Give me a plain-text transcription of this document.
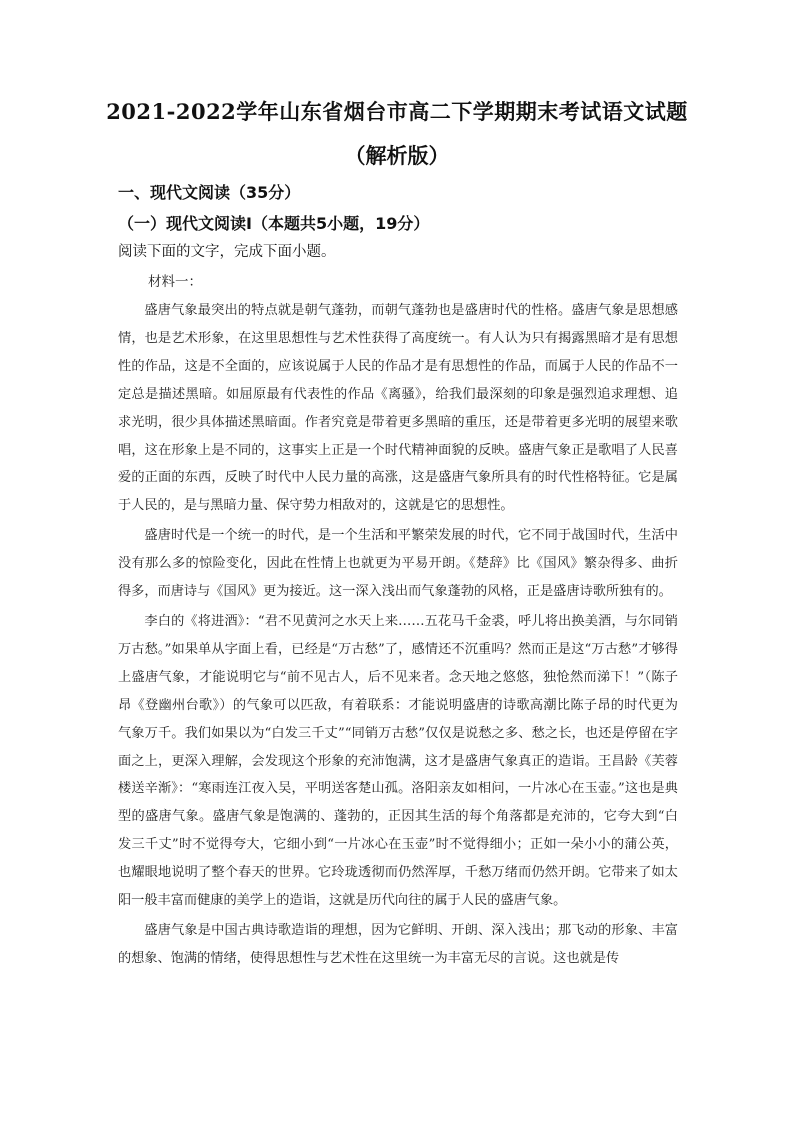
2021-2022学年山东省烟台市高二下学期期末考试语文试题
（解析版）
一、现代文阅读（35分）
（一）现代文阅读Ⅰ（本题共5小题，19分）
阅读下面的文字，完成下面小题。
材料一：

盛唐气象最突出的特点就是朝气蓬勃，而朝气蓬勃也是盛唐时代的性格。盛唐气象是思想感情，也是艺术形象，在这里思想性与艺术性获得了高度统一。有人认为只有揭露黑暗才是有思想性的作品，这是不全面的，应该说属于人民的作品才是有思想性的作品，而属于人民的作品不一定总是描述黑暗。如屈原最有代表性的作品《离骚》，给我们最深刻的印象是强烈追求理想、追求光明，很少具体描述黑暗面。作者究竟是带着更多黑暗的重压，还是带着更多光明的展望来歌唱，这在形象上是不同的，这事实上正是一个时代精神面貌的反映。盛唐气象正是歌唱了人民喜爱的正面的东西，反映了时代中人民力量的高涨，这是盛唐气象所具有的时代性格特征。它是属于人民的，是与黑暗力量、保守势力相敌对的，这就是它的思想性。

盛唐时代是一个统一的时代，是一个生活和平繁荣发展的时代，它不同于战国时代，生活中没有那么多的惊险变化，因此在性情上也就更为平易开朗。《楚辞》比《国风》繁杂得多、曲折得多，而唐诗与《国风》更为接近。这一深入浅出而气象蓬勃的风格，正是盛唐诗歌所独有的。

李白的《将进酒》：“君不见黄河之水天上来……五花马千金裘，呼儿将出换美酒，与尔同销万古愁。”如果单从字面上看，已经是“万古愁”了，感情还不沉重吗？然而正是这“万古愁”才够得上盛唐气象，才能说明它与“前不见古人，后不见来者。念天地之悠悠，独怆然而涕下！”（陈子昂《登幽州台歌》）的气象可以匹敌，有着联系：才能说明盛唐的诗歌高潮比陈子昂的时代更为气象万千。我们如果以为“白发三千丈”“同销万古愁”仅仅是说愁之多、愁之长，也还是停留在字面之上，更深入理解，会发现这个形象的充沛饱满，这才是盛唐气象真正的造诣。王昌龄《芙蓉楼送辛渐》：“寒雨连江夜入吴，平明送客楚山孤。洛阳亲友如相问，一片冰心在玉壶。”这也是典型的盛唐气象。盛唐气象是饱满的、蓬勃的，正因其生活的每个角落都是充沛的，它夸大到“白发三千丈”时不觉得夸大，它细小到“一片冰心在玉壶”时不觉得细小；正如一朵小小的蒲公英，也耀眼地说明了整个春天的世界。它玲珑透彻而仍然浑厚，千愁万绪而仍然开朗。它带来了如太阳一般丰富而健康的美学上的造诣，这就是历代向往的属于人民的盛唐气象。

盛唐气象是中国古典诗歌造诣的理想，因为它鲜明、开朗、深入浅出；那飞动的形象、丰富的想象、饱满的情绪，使得思想性与艺术性在这里统一为丰富无尽的言说。这也就是传
